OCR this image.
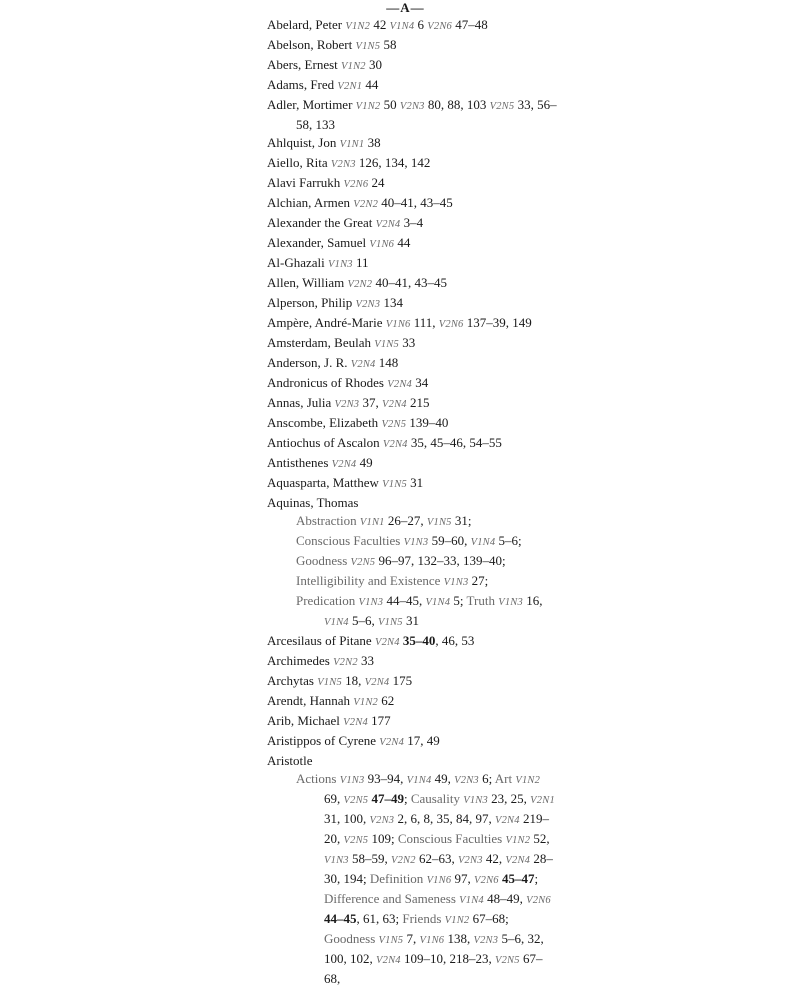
—A—
Abelard, Peter V1N2 42 V1N4 6 V2N6 47–48
Abelson, Robert V1N5 58
Abers, Ernest V1N2 30
Adams, Fred V2N1 44
Adler, Mortimer V1N2 50 V2N3 80, 88, 103 V2N5 33, 56–58, 133
Ahlquist, Jon V1N1 38
Aiello, Rita V2N3 126, 134, 142
Alavi Farrukh V2N6 24
Alchian, Armen V2N2 40–41, 43–45
Alexander the Great V2N4 3–4
Alexander, Samuel V1N6 44
Al-Ghazali V1N3 11
Allen, William V2N2 40–41, 43–45
Alperson, Philip V2N3 134
Ampère, André-Marie V1N6 111, V2N6 137–39, 149
Amsterdam, Beulah V1N5 33
Anderson, J. R. V2N4 148
Andronicus of Rhodes V2N4 34
Annas, Julia V2N3 37, V2N4 215
Anscombe, Elizabeth V2N5 139–40
Antiochus of Ascalon V2N4 35, 45–46, 54–55
Antisthenes V2N4 49
Aquasparta, Matthew V1N5 31
Aquinas, Thomas
Abstraction V1N1 26–27, V1N5 31;
Conscious Faculties V1N3 59–60, V1N4 5–6;
Goodness V2N5 96–97, 132–33, 139–40;
Intelligibility and Existence V1N3 27;
Predication V1N3 44–45, V1N4 5; Truth V1N3 16, V1N4 5–6, V1N5 31
Arcesilaus of Pitane V2N4 35–40, 46, 53
Archimedes V2N2 33
Archytas V1N5 18, V2N4 175
Arendt, Hannah V1N2 62
Arib, Michael V2N4 177
Aristippos of Cyrene V2N4 17, 49
Aristotle
Actions V1N3 93–94, V1N4 49, V2N3 6; Art V1N2 69, V2N5 47–49; Causality V1N3 23, 25, V2N1 31, 100, V2N3 2, 6, 8, 35, 84, 97, V2N4 219–20, V2N5 109; Conscious Faculties V1N2 52, V1N3 58–59, V2N2 62–63, V2N3 42, V2N4 28–30, 194; Definition V1N6 97, V2N6 45–47; Difference and Sameness V1N4 48–49, V2N6 44–45, 61, 63; Friends V1N2 67–68; Goodness V1N5 7, V1N6 138, V2N3 5–6, 32, 100, 102, V2N4 109–10, 218–23, V2N5 67–68,
